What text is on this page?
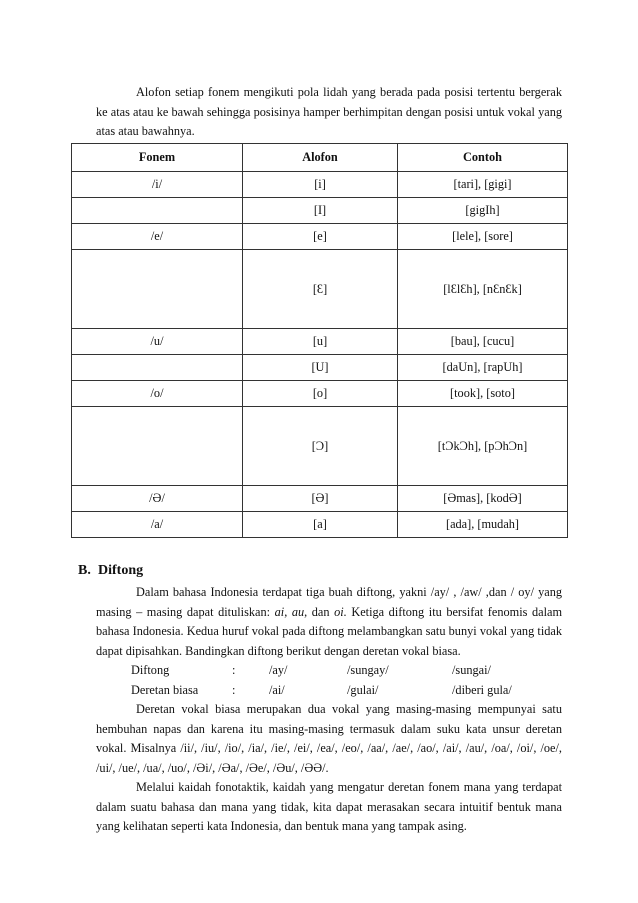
Alofon setiap fonem mengikuti pola lidah yang berada pada posisi tertentu bergerak ke atas atau ke bawah sehingga posisinya hamper berhimpitan dengan posisi untuk vokal yang atas atau bawahnya.

Fonem	Alofon	Contoh
/i/	[i]	[tari], [gigi]
	[I]	[gigIh]
/e/	[e]	[lele], [sore]
	[Ɛ]	[lƐlƐh], [nƐnƐk]
/u/	[u]	[bau], [cucu]
	[U]	[daUn], [rapUh]
/o/	[o]	[took], [soto]
	[Ɔ]	[tƆkƆh], [pƆhƆn]
/Ə/	[Ə]	[Əmas], [kodƏ]
/a/	[a]	[ada], [mudah]
B. Diftong

Dalam bahasa Indonesia terdapat tiga buah diftong, yakni /ay/ , /aw/ ,dan / oy/ yang masing – masing dapat dituliskan: ai, au, dan oi. Ketiga diftong itu bersifat fenomis dalam bahasa Indonesia. Kedua huruf vokal pada diftong melambangkan satu bunyi vokal yang tidak dapat dipisahkan. Bandingkan diftong berikut dengan deretan vokal biasa.

Diftong	:	/ay/	/sungay/	/sungai/
Deretan biasa	:	/ai/	/gulai/	/diberi gula/

Deretan vokal biasa merupakan dua vokal yang masing-masing mempunyai satu hembuhan napas dan karena itu masing-masing termasuk dalam suku kata unsur deretan vokal. Misalnya /ii/, /iu/, /io/, /ia/, /ie/, /ei/, /ea/, /eo/, /aa/, /ae/, /ao/, /ai/, /au/, /oa/, /oi/, /oe/, /ui/, /ue/, /ua/, /uo/, /Əi/, /Əa/, /Əe/, /Əu/, /ƏƏ/.

Melalui kaidah fonotaktik, kaidah yang mengatur deretan fonem mana yang terdapat dalam suatu bahasa dan mana yang tidak, kita dapat merasakan secara intuitif bentuk mana yang kelihatan seperti kata Indonesia, dan bentuk mana yang tampak asing.
